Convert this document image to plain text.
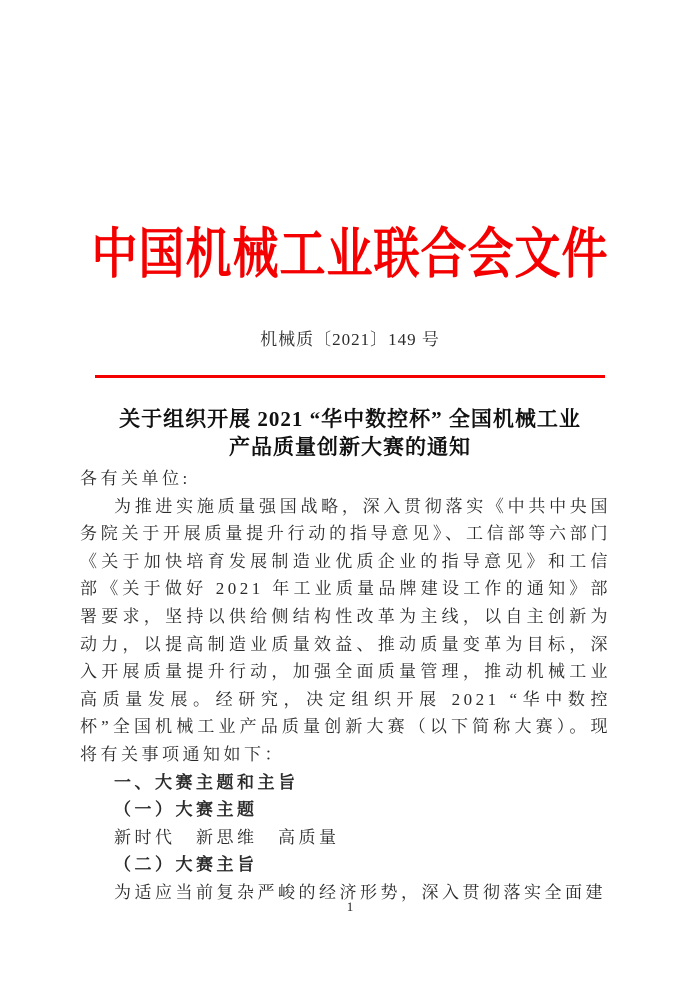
中国机械工业联合会文件
机械质〔2021〕149 号
关于组织开展 2021 “华中数控杯” 全国机械工业
产品质量创新大赛的通知

各有关单位:

为推进实施质量强国战略，深入贯彻落实《中共中央国务院关于开展质量提升行动的指导意见》、工信部等六部门《关于加快培育发展制造业优质企业的指导意见》和工信部《关于做好 2021 年工业质量品牌建设工作的通知》部署要求，坚持以供给侧结构性改革为主线，以自主创新为动力，以提高制造业质量效益、推动质量变革为目标，深入开展质量提升行动，加强全面质量管理，推动机械工业高质量发展。经研究，决定组织开展 2021 “华中数控杯”全国机械工业产品质量创新大赛（以下简称大赛）。现将有关事项通知如下：

一、大赛主题和主旨

（一）大赛主题

新时代　新思维　高质量

（二）大赛主旨

为适应当前复杂严峻的经济形势，深入贯彻落实全面建

1
